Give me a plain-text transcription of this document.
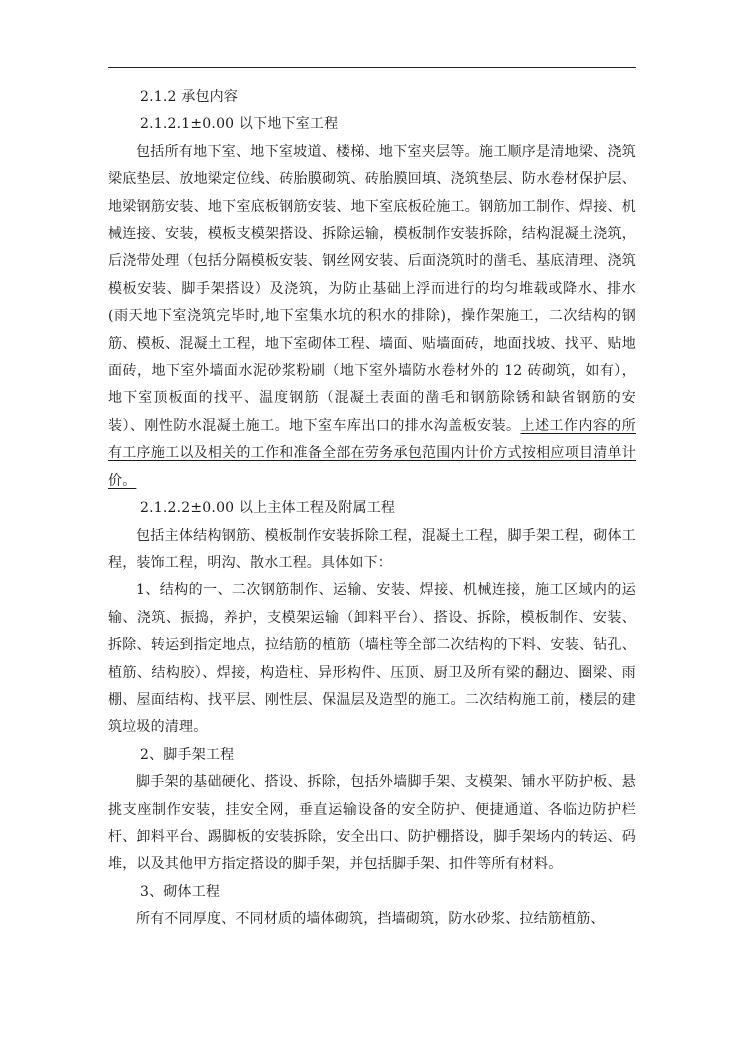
2.1.2 承包内容

2.1.2.1±0.00 以下地下室工程

包括所有地下室、地下室坡道、楼梯、地下室夹层等。施工顺序是清地梁、浇筑梁底垫层、放地梁定位线、砖胎膜砌筑、砖胎膜回填、浇筑垫层、防水卷材保护层、地梁钢筋安装、地下室底板钢筋安装、地下室底板砼施工。钢筋加工制作、焊接、机械连接、安装，模板支模架搭设、拆除运输，模板制作安装拆除，结构混凝土浇筑，后浇带处理（包括分隔模板安装、钢丝网安装、后面浇筑时的凿毛、基底清理、浇筑模板安装、脚手架搭设）及浇筑，为防止基础上浮而进行的均匀堆载或降水、排水(雨天地下室浇筑完毕时,地下室集水坑的积水的排除)，操作架施工，二次结构的钢筋、模板、混凝土工程，地下室砌体工程、墙面、贴墙面砖，地面找坡、找平、贴地面砖，地下室外墙面水泥砂浆粉刷（地下室外墙防水卷材外的 12 砖砌筑，如有），地下室顶板面的找平、温度钢筋（混凝土表面的凿毛和钢筋除锈和缺省钢筋的安装）、刚性防水混凝土施工。地下室车库出口的排水沟盖板安装。上述工作内容的所有工序施工以及相关的工作和准备全部在劳务承包范围内计价方式按相应项目清单计价。

2.1.2.2±0.00 以上主体工程及附属工程

包括主体结构钢筋、模板制作安装拆除工程，混凝土工程，脚手架工程，砌体工程，装饰工程，明沟、散水工程。具体如下：

1、结构的一、二次钢筋制作、运输、安装、焊接、机械连接，施工区域内的运输、浇筑、振捣，养护，支模架运输（卸料平台）、搭设、拆除，模板制作、安装、拆除、转运到指定地点，拉结筋的植筋（墙柱等全部二次结构的下料、安装、钻孔、植筋、结构胶）、焊接，构造柱、异形构件、压顶、厨卫及所有梁的翻边、圈梁、雨棚、屋面结构、找平层、刚性层、保温层及造型的施工。二次结构施工前，楼层的建筑垃圾的清理。

2、脚手架工程

脚手架的基础硬化、搭设、拆除，包括外墙脚手架、支模架、铺水平防护板、悬挑支座制作安装，挂安全网，垂直运输设备的安全防护、便捷通道、各临边防护栏杆、卸料平台、踢脚板的安装拆除，安全出口、防护棚搭设，脚手架场内的转运、码堆，以及其他甲方指定搭设的脚手架，并包括脚手架、扣件等所有材料。

3、砌体工程

所有不同厚度、不同材质的墙体砌筑，挡墙砌筑，防水砂浆、拉结筋植筋、
